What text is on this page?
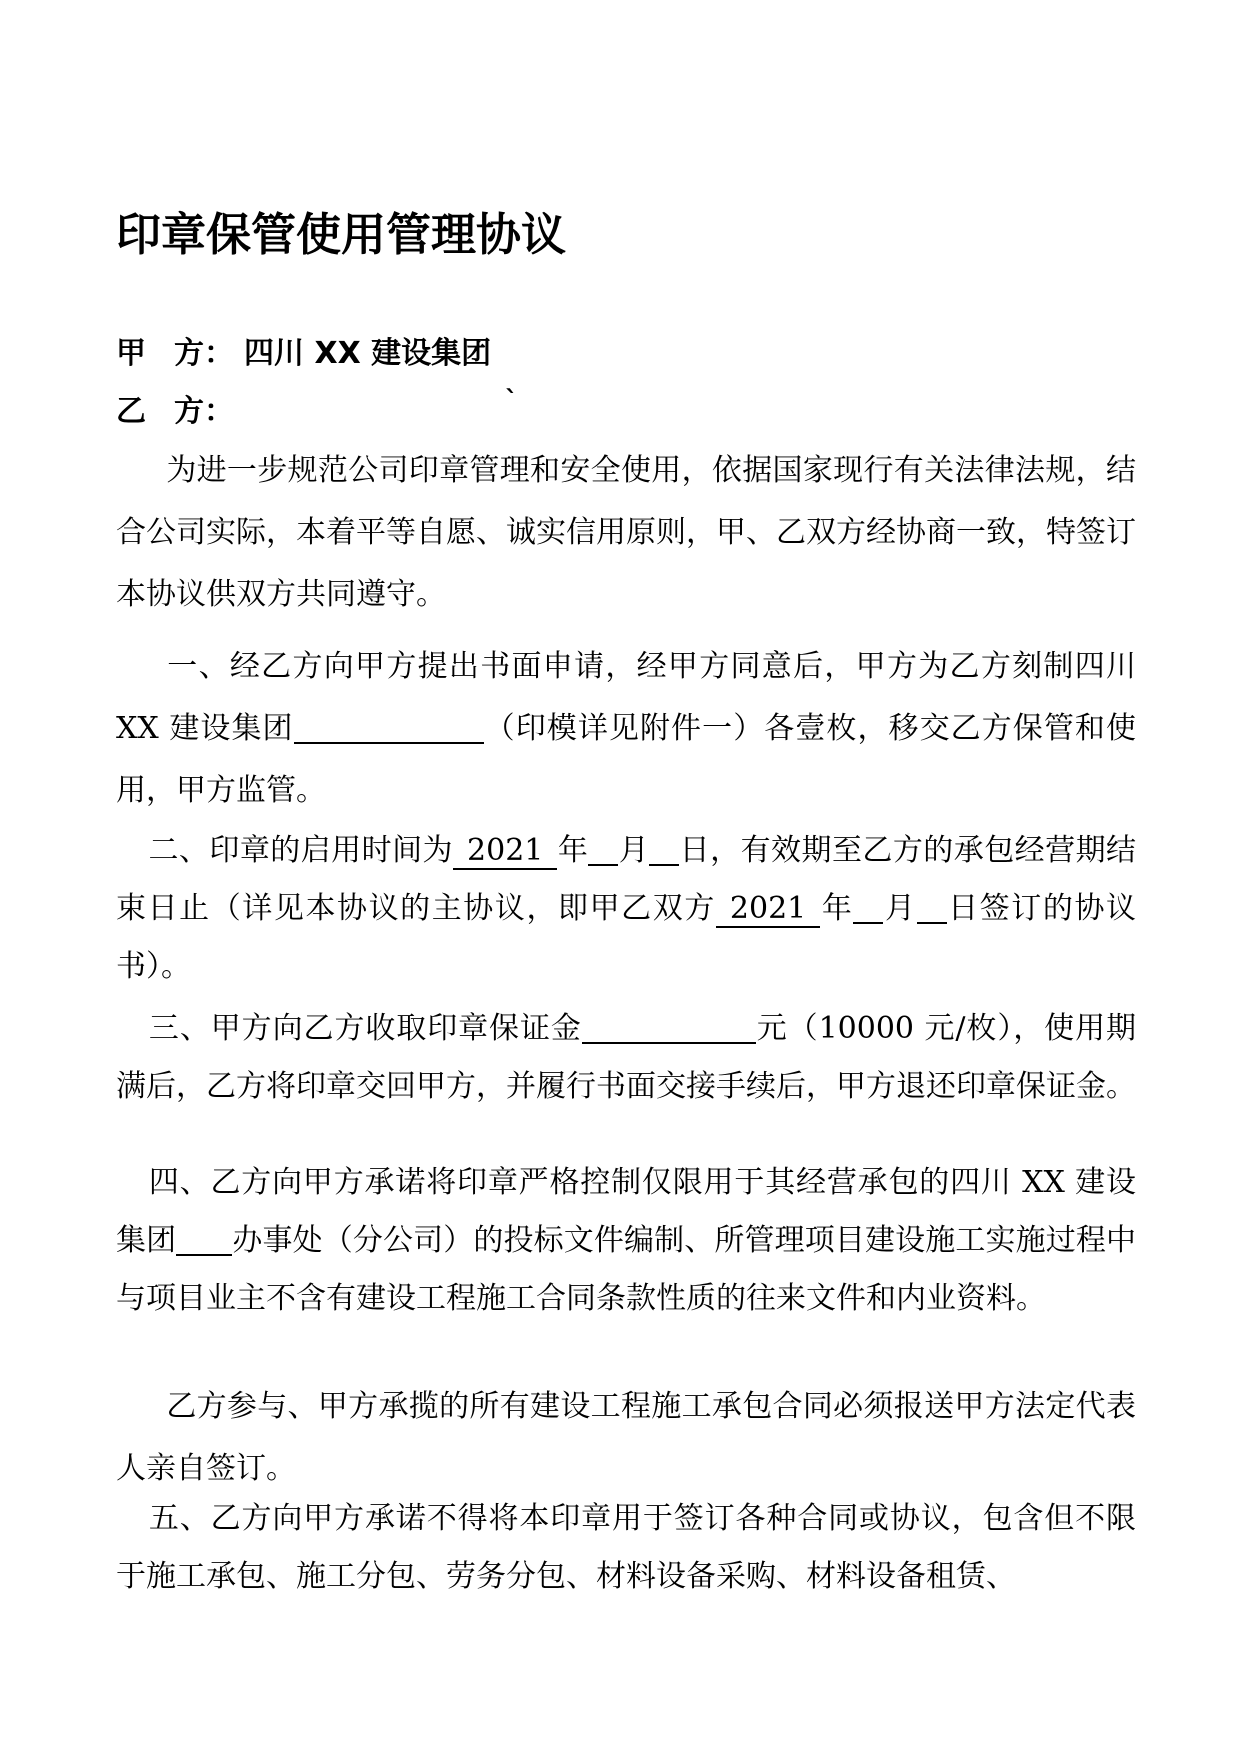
印章保管使用管理协议
甲 方： 四川 XX 建设集团
乙 方：	`

为进一步规范公司印章管理和安全使用，依据国家现行有关法律法规，结合公司实际，本着平等自愿、诚实信用原则，甲、乙双方经协商一致，特签订本协议供双方共同遵守。

一、经乙方向甲方提出书面申请，经甲方同意后，甲方为乙方刻制四川 XX 建设集团	（印模详见附件一）各壹枚，移交乙方保管和使用，甲方监管。

二、印章的启用时间为 2021 年 月 日，有效期至乙方的承包经营期结束日止（详见本协议的主协议，即甲乙双方 2021 年 月 日签订的协议书）。

三、甲方向乙方收取印章保证金	元（10000 元/枚），使用期满后，乙方将印章交回甲方，并履行书面交接手续后，甲方退还印章保证金。

四、乙方向甲方承诺将印章严格控制仅限用于其经营承包的四川 XX 建设集团 办事处（分公司）的投标文件编制、所管理项目建设施工实施过程中与项目业主不含有建设工程施工合同条款性质的往来文件和内业资料。

乙方参与、甲方承揽的所有建设工程施工承包合同必须报送甲方法定代表人亲自签订。

五、乙方向甲方承诺不得将本印章用于签订各种合同或协议，包含但不限于施工承包、施工分包、劳务分包、材料设备采购、材料设备租赁、
